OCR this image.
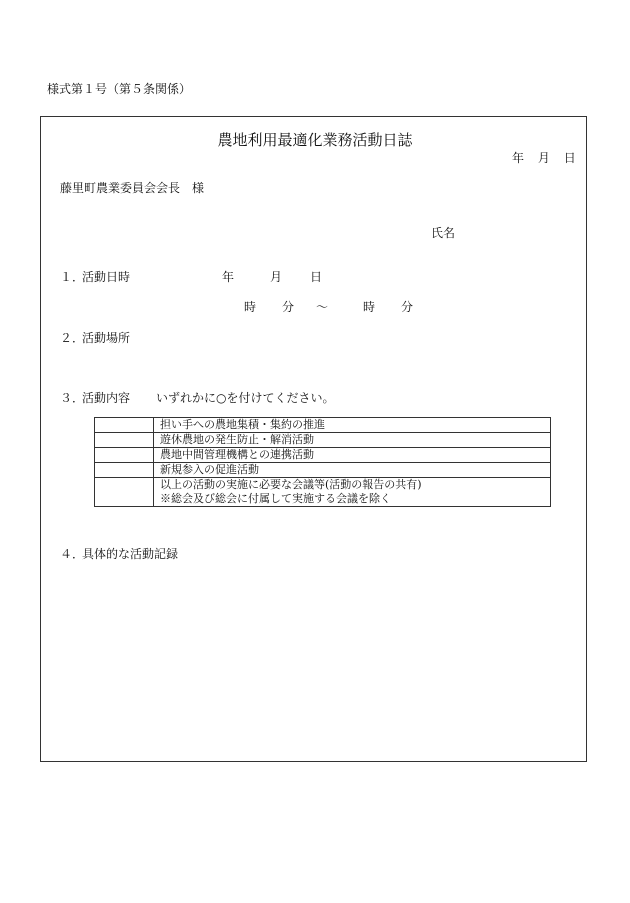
様式第１号（第５条関係）
農地利用最適化業務活動日誌
年 月 日
藤里町農業委員会会長　様
氏名
１．活動日時	年	月 日
時 分 ～	時 分
２．活動場所
３．活動内容 いずれかに○を付けてください。
	担い手への農地集積・集約の推進
	遊休農地の発生防止・解消活動
	農地中間管理機構との連携活動
	新規参入の促進活動

	以上の活動の実施に必要な会議等(活動の報告の共有)
※総会及び総会に付属して実施する会議を除く
４．具体的な活動記録
